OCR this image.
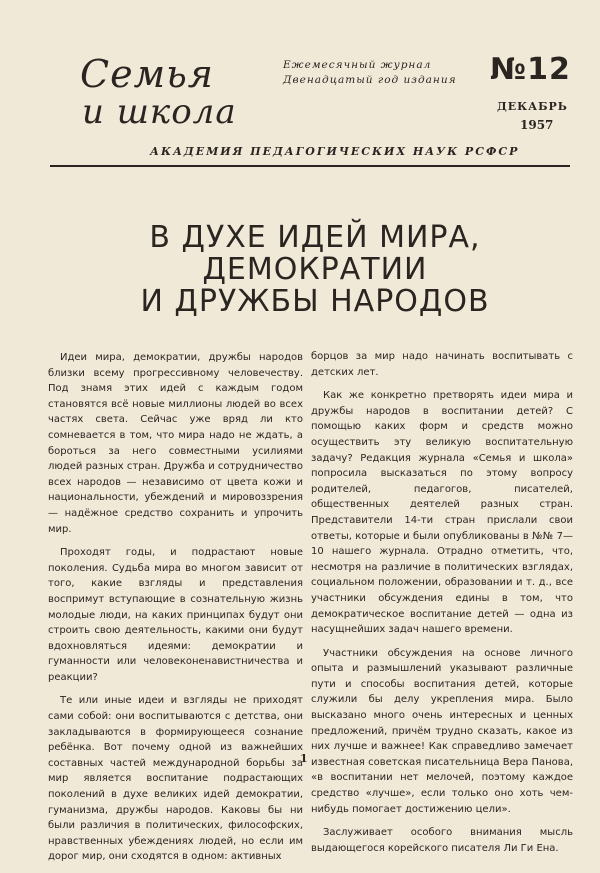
Семья
и школа
Ежемесячный журнал
Двенадцатый год издания №12
ДЕКАБРЬ
1957
АКАДЕМИЯ ПЕДАГОГИЧЕСКИХ НАУК РСФСР
В ДУХЕ ИДЕЙ МИРА,
ДЕМОКРАТИИ
И ДРУЖБЫ НАРОДОВ

Идеи мира, демократии, дружбы народов близки всему прогрессивному человечеству. Под знамя этих идей с каждым годом становятся всё новые миллионы людей во всех частях света. Сейчас уже вряд ли кто сомневается в том, что мира надо не ждать, а бороться за него совместными усилиями людей разных стран. Дружба и сотрудничество всех народов — независимо от цвета кожи и национальности, убеждений и мировоззрения — надёжное средство сохранить и упрочить мир.

Проходят годы, и подрастают новые поколения. Судьба мира во многом зависит от того, какие взгляды и представления воспримут вступающие в сознательную жизнь молодые люди, на каких принципах будут они строить свою деятельность, какими они будут вдохновляться идеями: демократии и гуманности или человеконенавистничества и реакции?

Те или иные идеи и взгляды не приходят сами собой: они воспитываются с детства, они закладываются в формирующееся сознание ребёнка. Вот почему одной из важнейших составных частей международной борьбы за мир является воспитание подрастающих поколений в духе великих идей демократии, гуманизма, дружбы народов. Каковы бы ни были различия в политических, философских, нравственных убеждениях людей, но если им дорог мир, они сходятся в одном: активных

борцов за мир надо начинать воспитывать с детских лет.

Как же конкретно претворять идеи мира и дружбы народов в воспитании детей? С помощью каких форм и средств можно осуществить эту великую воспитательную задачу? Редакция журнала «Семья и школа» попросила высказаться по этому вопросу родителей, педагогов, писателей, общественных деятелей разных стран. Представители 14-ти стран прислали свои ответы, которые и были опубликованы в №№ 7—10 нашего журнала. Отрадно отметить, что, несмотря на различие в политических взглядах, социальном положении, образовании и т. д., все участники обсуждения едины в том, что демократическое воспитание детей — одна из насущнейших задач нашего времени.

Участники обсуждения на основе личного опыта и размышлений указывают различные пути и способы воспитания детей, которые служили бы делу укрепления мира. Было высказано много очень интересных и ценных предложений, причём трудно сказать, какое из них лучше и важнее! Как справедливо замечает известная советская писательница Вера Панова, «в воспитании нет мелочей, поэтому каждое средство «лучше», если только оно хоть чем-нибудь помогает достижению цели».

Заслуживает особого внимания мысль выдающегося корейского писателя Ли Ги Ена.

1
